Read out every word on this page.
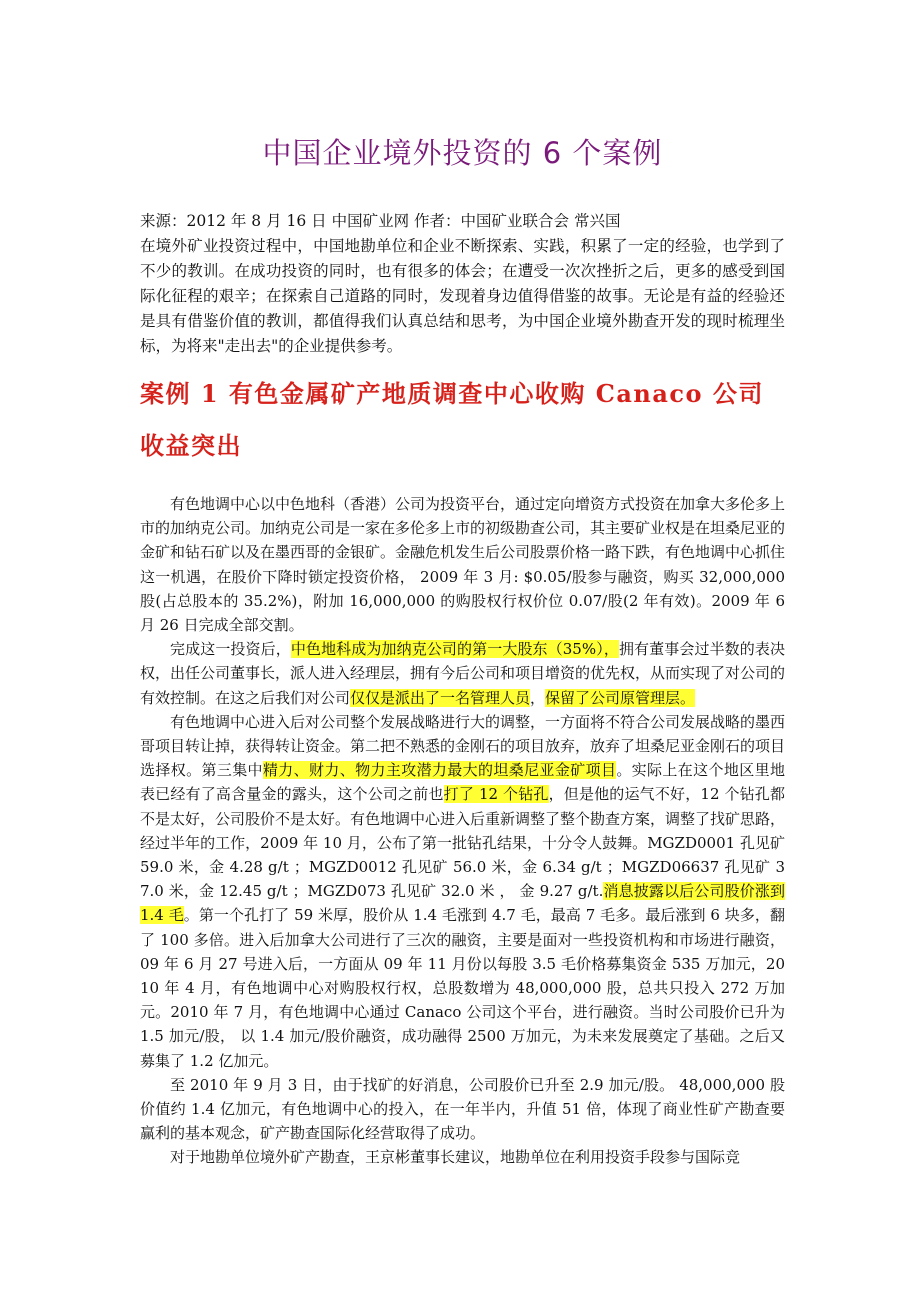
中国企业境外投资的 6 个案例
来源：2012 年 8 月 16 日 中国矿业网 作者：中国矿业联合会 常兴国
在境外矿业投资过程中，中国地勘单位和企业不断探索、实践，积累了一定的经验，也学到了不少的教训。在成功投资的同时，也有很多的体会；在遭受一次次挫折之后，更多的感受到国际化征程的艰辛；在探索自己道路的同时，发现着身边值得借鉴的故事。无论是有益的经验还是具有借鉴价值的教训，都值得我们认真总结和思考，为中国企业境外勘查开发的现时梳理坐标，为将来"走出去"的企业提供参考。
案例 1 有色金属矿产地质调查中心收购 Canaco 公司收益突出

有色地调中心以中色地科（香港）公司为投资平台，通过定向增资方式投资在加拿大多伦多上市的加纳克公司。加纳克公司是一家在多伦多上市的初级勘查公司，其主要矿业权是在坦桑尼亚的金矿和钻石矿以及在墨西哥的金银矿。金融危机发生后公司股票价格一路下跌，有色地调中心抓住这一机遇，在股价下降时锁定投资价格， 2009 年 3 月: $0.05/股参与融资，购买 32,000,000 股(占总股本的 35.2%)，附加 16,000,000 的购股权行权价位 0.07/股(2 年有效)。2009 年 6 月 26 日完成全部交割。

完成这一投资后，中色地科成为加纳克公司的第一大股东（35%），拥有董事会过半数的表决权，出任公司董事长，派人进入经理层，拥有今后公司和项目增资的优先权，从而实现了对公司的有效控制。在这之后我们对公司仅仅是派出了一名管理人员，保留了公司原管理层。

有色地调中心进入后对公司整个发展战略进行大的调整，一方面将不符合公司发展战略的墨西哥项目转让掉，获得转让资金。第二把不熟悉的金刚石的项目放弃，放弃了坦桑尼亚金刚石的项目选择权。第三集中精力、财力、物力主攻潜力最大的坦桑尼亚金矿项目。实际上在这个地区里地表已经有了高含量金的露头，这个公司之前也打了 12 个钻孔，但是他的运气不好，12 个钻孔都不是太好，公司股价不是太好。有色地调中心进入后重新调整了整个勘查方案，调整了找矿思路，经过半年的工作，2009 年 10 月，公布了第一批钻孔结果，十分令人鼓舞。MGZD0001 孔见矿 59.0 米，金 4.28 g/t ；MGZD0012 孔见矿 56.0 米，金 6.34 g/t ；MGZD06637 孔见矿 37.0 米，金 12.45 g/t ；MGZD073 孔见矿 32.0 米 ， 金 9.27 g/t.消息披露以后公司股价涨到 1.4 毛。第一个孔打了 59 米厚，股价从 1.4 毛涨到 4.7 毛，最高 7 毛多。最后涨到 6 块多，翻了 100 多倍。进入后加拿大公司进行了三次的融资，主要是面对一些投资机构和市场进行融资，09 年 6 月 27 号进入后，一方面从 09 年 11 月份以每股 3.5 毛价格募集资金 535 万加元，2010 年 4 月，有色地调中心对购股权行权，总股数增为 48,000,000 股，总共只投入 272 万加元。2010 年 7 月，有色地调中心通过 Canaco 公司这个平台，进行融资。当时公司股价已升为 1.5 加元/股， 以 1.4 加元/股价融资，成功融得 2500 万加元，为未来发展奠定了基础。之后又募集了 1.2 亿加元。

至 2010 年 9 月 3 日，由于找矿的好消息，公司股价已升至 2.9 加元/股。 48,000,000 股价值约 1.4 亿加元，有色地调中心的投入，在一年半内，升值 51 倍，体现了商业性矿产勘查要赢利的基本观念，矿产勘查国际化经营取得了成功。

对于地勘单位境外矿产勘查，王京彬董事长建议，地勘单位在利用投资手段参与国际竞
